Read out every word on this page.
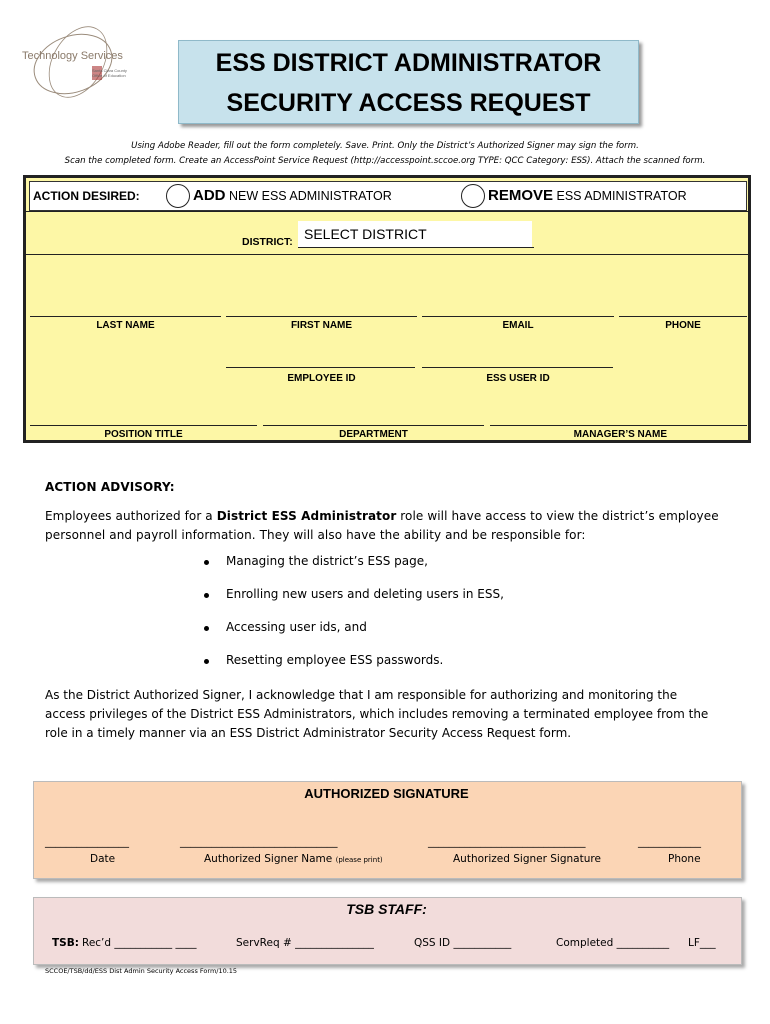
Technology Services
Santa Clara County Office of Education	ESS DISTRICT ADMINISTRATOR
SECURITY ACCESS REQUEST
Using Adobe Reader, fill out the form completely. Save. Print. Only the District’s Authorized Signer may sign the form.
Scan the completed form. Create an AccessPoint Service Request (http://accesspoint.sccoe.org TYPE: QCC Category: ESS). Attach the scanned form.
ACTION DESIRED:	ADD NEW ESS ADMINISTRATOR	REMOVE ESS ADMINISTRATOR
DISTRICT: SELECT DISTRICT
LAST NAME	FIRST NAME	EMAIL	PHONE
EMPLOYEE ID	ESS USER ID
POSITION TITLE	DEPARTMENT	MANAGER’S NAME
ACTION ADVISORY:
Employees authorized for a District ESS Administrator role will have access to view the district’s employee
personnel and payroll information. They will also have the ability and be responsible for:
Managing the district’s ESS page,
Enrolling new users and deleting users in ESS,
Accessing user ids, and
Resetting employee ESS passwords.
As the District Authorized Signer, I acknowledge that I am responsible for authorizing and monitoring the
access privileges of the District ESS Administrators, which includes removing a terminated employee from the
role in a timely manner via an ESS District Administrator Security Access Request form.
AUTHORIZED SIGNATURE
________________	______________________________	______________________________	____________
Date	Authorized Signer Name (please print)	Authorized Signer Signature	Phone
TSB STAFF:
TSB: Rec’d ___________ ____	ServReq # _______________	QSS ID ___________	Completed __________ LF___
SCCOE/TSB/dd/ESS Dist Admin Security Access Form/10.15
